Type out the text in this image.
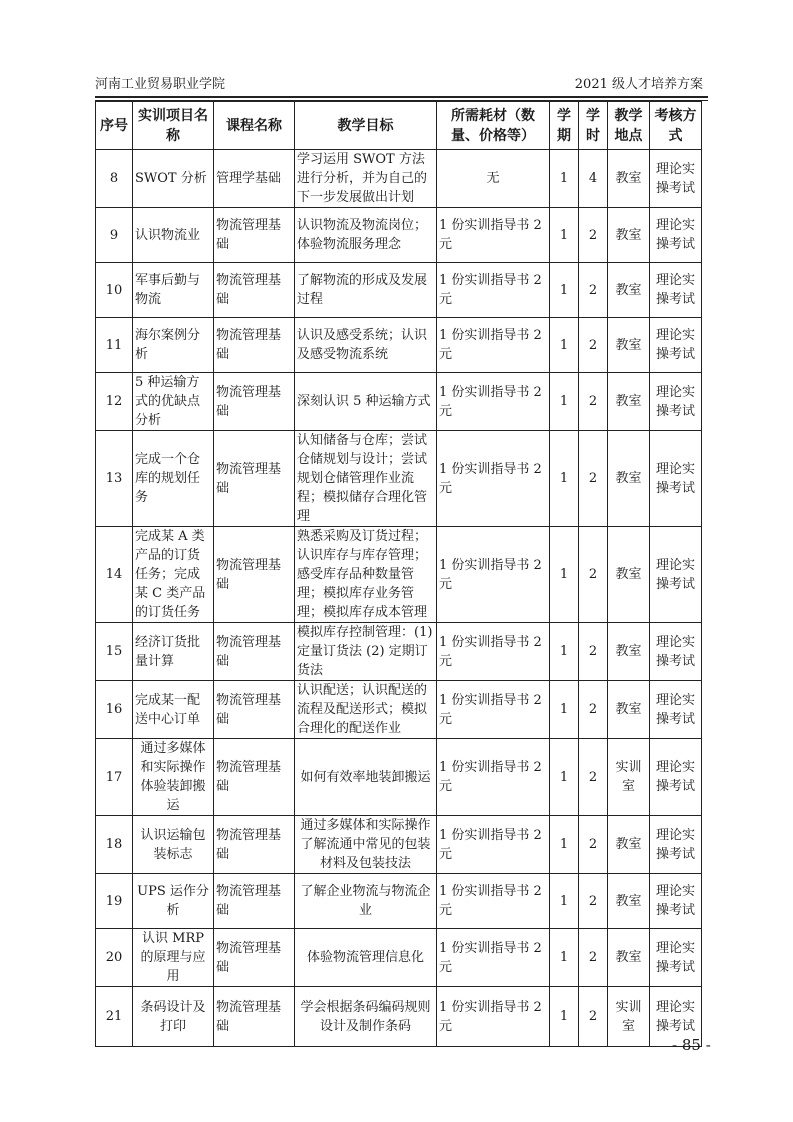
河南工业贸易职业学院	2021 级人才培养方案
序号	实训项目名称	课程名称	教学目标	所需耗材（数量、价格等）	学期	学时	教学地点	考核方式
8	SWOT 分析	管理学基础	学习运用 SWOT 方法进行分析，并为自己的下一步发展做出计划	无	1	4	教室	理论实操考试
9	认识物流业	物流管理基础	认识物流及物流岗位；体验物流服务理念	1 份实训指导书 2 元	1	2	教室	理论实操考试
10	军事后勤与物流	物流管理基础	了解物流的形成及发展过程	1 份实训指导书 2 元	1	2	教室	理论实操考试
11	海尔案例分析	物流管理基础	认识及感受系统；认识及感受物流系统	1 份实训指导书 2 元	1	2	教室	理论实操考试
12	5 种运输方式的优缺点分析	物流管理基础	深刻认识 5 种运输方式	1 份实训指导书 2 元	1	2	教室	理论实操考试
13	完成一个仓库的规划任务	物流管理基础	认知储备与仓库；尝试仓储规划与设计；尝试规划仓储管理作业流程；模拟储存合理化管理	1 份实训指导书 2 元	1	2	教室	理论实操考试
14	完成某 A 类产品的订货任务；完成某 C 类产品的订货任务	物流管理基础	熟悉采购及订货过程；认识库存与库存管理；感受库存品种数量管理；模拟库存业务管理；模拟库存成本管理	1 份实训指导书 2 元	1	2	教室	理论实操考试
15	经济订货批量计算	物流管理基础	模拟库存控制管理：(1) 定量订货法 (2) 定期订货法	1 份实训指导书 2 元	1	2	教室	理论实操考试
16	完成某一配送中心订单	物流管理基础	认识配送；认识配送的流程及配送形式；模拟合理化的配送作业	1 份实训指导书 2 元	1	2	教室	理论实操考试
17	通过多媒体和实际操作体验装卸搬运	物流管理基础	如何有效率地装卸搬运	1 份实训指导书 2 元	1	2	实训室	理论实操考试
18	认识运输包装标志	物流管理基础	通过多媒体和实际操作了解流通中常见的包装材料及包装技法	1 份实训指导书 2 元	1	2	教室	理论实操考试
19	UPS 运作分析	物流管理基础	了解企业物流与物流企业	1 份实训指导书 2 元	1	2	教室	理论实操考试
20	认识 MRP 的原理与应用	物流管理基础	体验物流管理信息化	1 份实训指导书 2 元	1	2	教室	理论实操考试
21	条码设计及打印	物流管理基础	学会根据条码编码规则设计及制作条码	1 份实训指导书 2 元	1	2	实训室	理论实操考试
- 85 -
